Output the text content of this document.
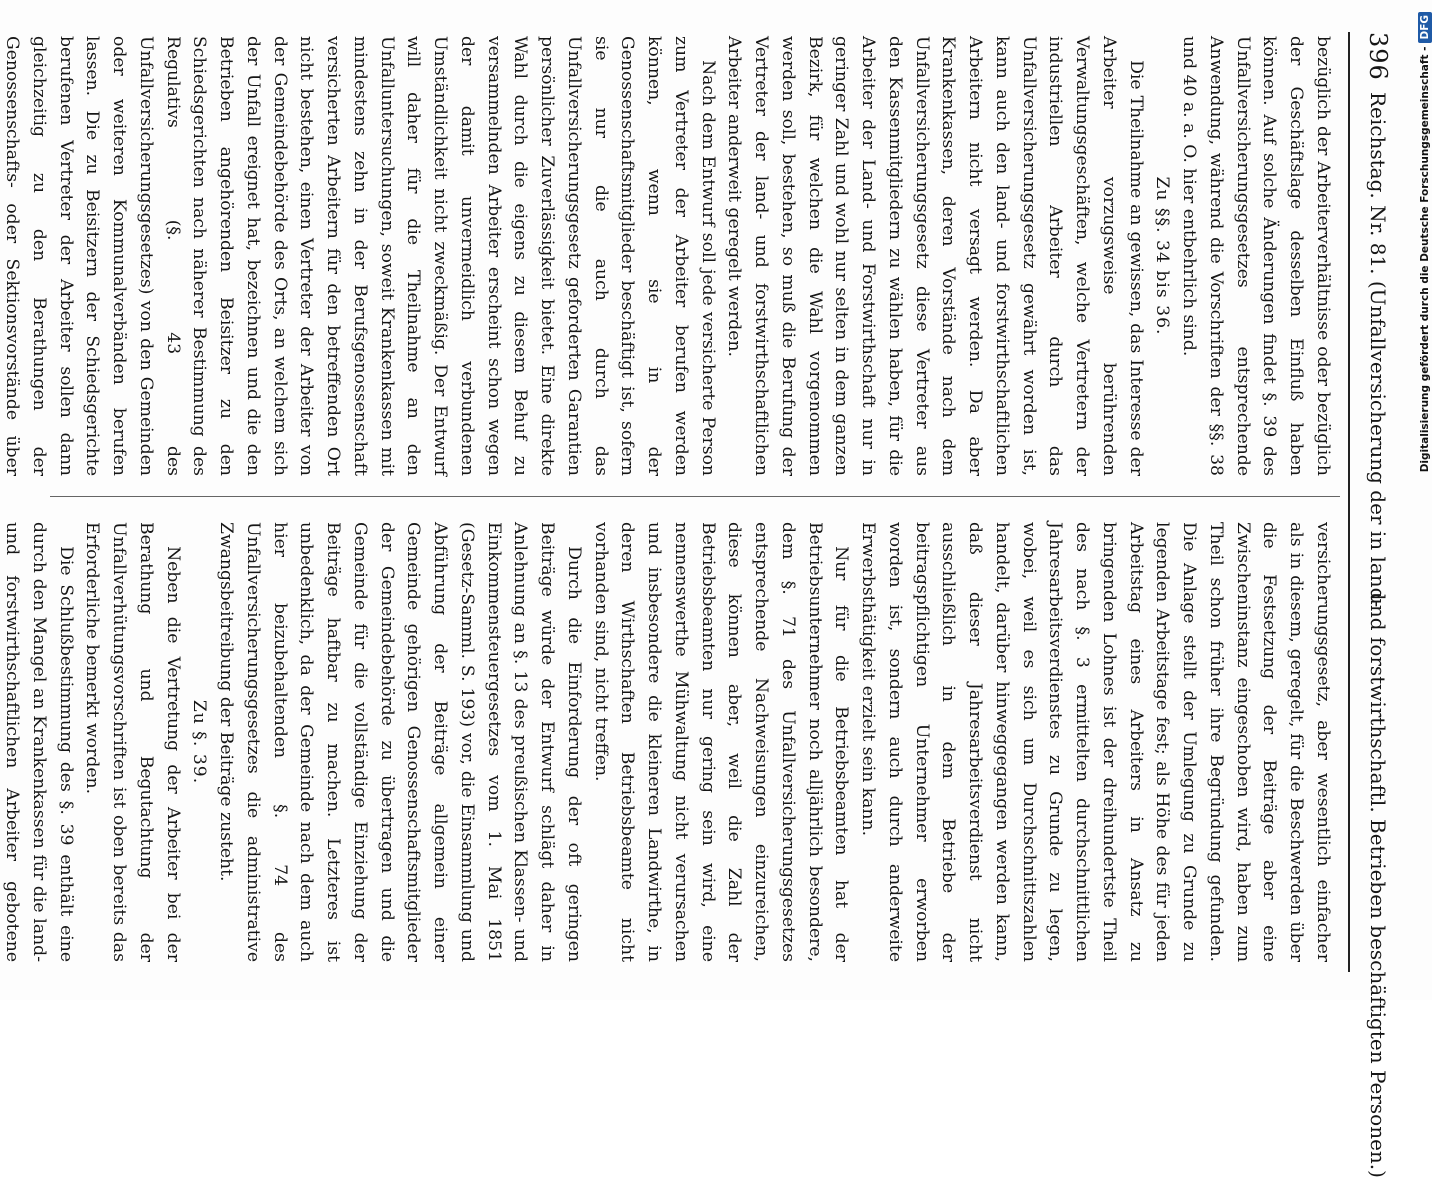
396
Reichstag. Nr. 81. (Unfallversicherung der in land-
und forstwirthschaftl. Betrieben beschäftigten Personen.)

bezüglich der Arbeiterverhältnisse oder bezüglich der Geschäftslage desselben Einfluß haben können. Auf solche Änderungen findet §. 39 des Unfallversicherungsgesetzes entsprechende Anwendung, während die Vorschriften der §§. 38 und 40 a. a. O. hier entbehrlich sind.

Zu §§. 34 bis 36.

Die Theilnahme an gewissen, das Interesse der Arbeiter vorzugsweise berührenden Verwaltungsgeschäften, welche Vertretern der industriellen Arbeiter durch das Unfallversicherungsgesetz gewährt worden ist, kann auch den land- und forstwirthschaftlichen Arbeitern nicht versagt werden. Da aber Krankenkassen, deren Vorstände nach dem Unfallversicherungsgesetz diese Vertreter aus den Kassenmitgliedern zu wählen haben, für die Arbeiter der Land- und Forstwirthschaft nur in geringer Zahl und wohl nur selten in dem ganzen Bezirk, für welchen die Wahl vorgenommen werden soll, bestehen, so muß die Berufung der Vertreter der land- und forstwirthschaftlichen Arbeiter anderweit geregelt werden.

Nach dem Entwurf soll jede versicherte Person zum Vertreter der Arbeiter berufen werden können, wenn sie in der Genossenschaftsmitglieder beschäftigt ist, sofern sie nur die auch durch das Unfallversicherungsgesetz geforderten Garantien persönlicher Zuverlässigkeit bietet. Eine direkte Wahl durch die eigens zu diesem Behuf zu versammelnden Arbeiter erscheint schon wegen der damit unvermeidlich verbundenen Umständlichkeit nicht zweckmäßig. Der Entwurf will daher für die Theilnahme an den Unfalluntersuchungen, soweit Krankenkassen mit mindestens zehn in der Berufsgenossenschaft versicherten Arbeitern für den betreffenden Ort nicht bestehen, einen Vertreter der Arbeiter von der Gemeindebehörde des Orts, an welchem sich der Unfall ereignet hat, bezeichnen und die den Betrieben angehörenden Beisitzer zu den Schiedsgerichten nach näherer Bestimmung des Regulativs (§. 43 des Unfallversicherungsgesetzes) von den Gemeinden oder weiteren Kommunalverbänden berufen lassen. Die zu Beisitzern der Schiedsgerichte berufenen Vertreter der Arbeiter sollen dann gleichzeitig zu den Berathungen der Genossenschafts- oder Sektionsvorstände über

versicherungsgesetz, aber wesentlich einfacher als in diesem, geregelt, für die Beschwerden über die Festsetzung der Beiträge aber eine Zwischeninstanz eingeschoben wird, haben zum Theil schon früher ihre Begründung gefunden. Die Anlage stellt der Umlegung zu Grunde zu legenden Arbeitstage fest; als Höhe des für jeden Arbeitstag eines Arbeiters in Ansatz zu bringenden Lohnes ist der dreihundertste Theil des nach §. 3 ermittelten durchschnittlichen Jahresarbeitsverdienstes zu Grunde zu legen, wobei, weil es sich um Durchschnittszahlen handelt, darüber hinweggegangen werden kann, daß dieser Jahresarbeitsverdienst nicht ausschließlich in dem Betriebe der beitragspflichtigen Unternehmer erworben worden ist, sondern auch durch anderweite Erwerbsthätigkeit erzielt sein kann.

Nur für die Betriebsbeamten hat der Betriebsunternehmer noch alljährlich besondere, dem §. 71 des Unfallversicherungsgesetzes entsprechende Nachweisungen einzureichen, diese können aber, weil die Zahl der Betriebsbeamten nur gering sein wird, eine nennenswerthe Mühwaltung nicht verursachen und insbesondere die kleineren Landwirthe, in deren Wirthschaften Betriebsbeamte nicht vorhanden sind, nicht treffen.

Durch die Einforderung der oft geringen Beiträge würde der Entwurf schlägt daher in Anlehnung an §. 13 des preußischen Klassen- und Einkommensteuergesetzes vom 1. Mai 1851 (Gesetz-Samml. S. 193) vor, die Einsammlung und Abführung der Beiträge allgemein einer Gemeinde gehörigen Genossenschaftsmitglieder der Gemeindebehörde zu übertragen und die Gemeinde für die vollständige Einziehung der Beiträge haftbar zu machen. Letzteres ist unbedenklich, da der Gemeinde nach dem auch hier beizubehaltenden §. 74 des Unfallversicherungsgesetzes die administrative Zwangsbeitreibung der Beiträge zusteht.

Zu §. 39.

Neben die Vertretung der Arbeiter bei der Berathung und Begutachtung der Unfallverhütungsvorschriften ist oben bereits das Erforderliche bemerkt worden.

Die Schlußbestimmung des §. 39 enthält eine durch den Mangel an Krankenkassen für die land- und forstwirthschaftlichen Arbeiter gebotene

Digitalisierung gefördert durch die Deutsche Forschungsgemeinschaft -DFG
